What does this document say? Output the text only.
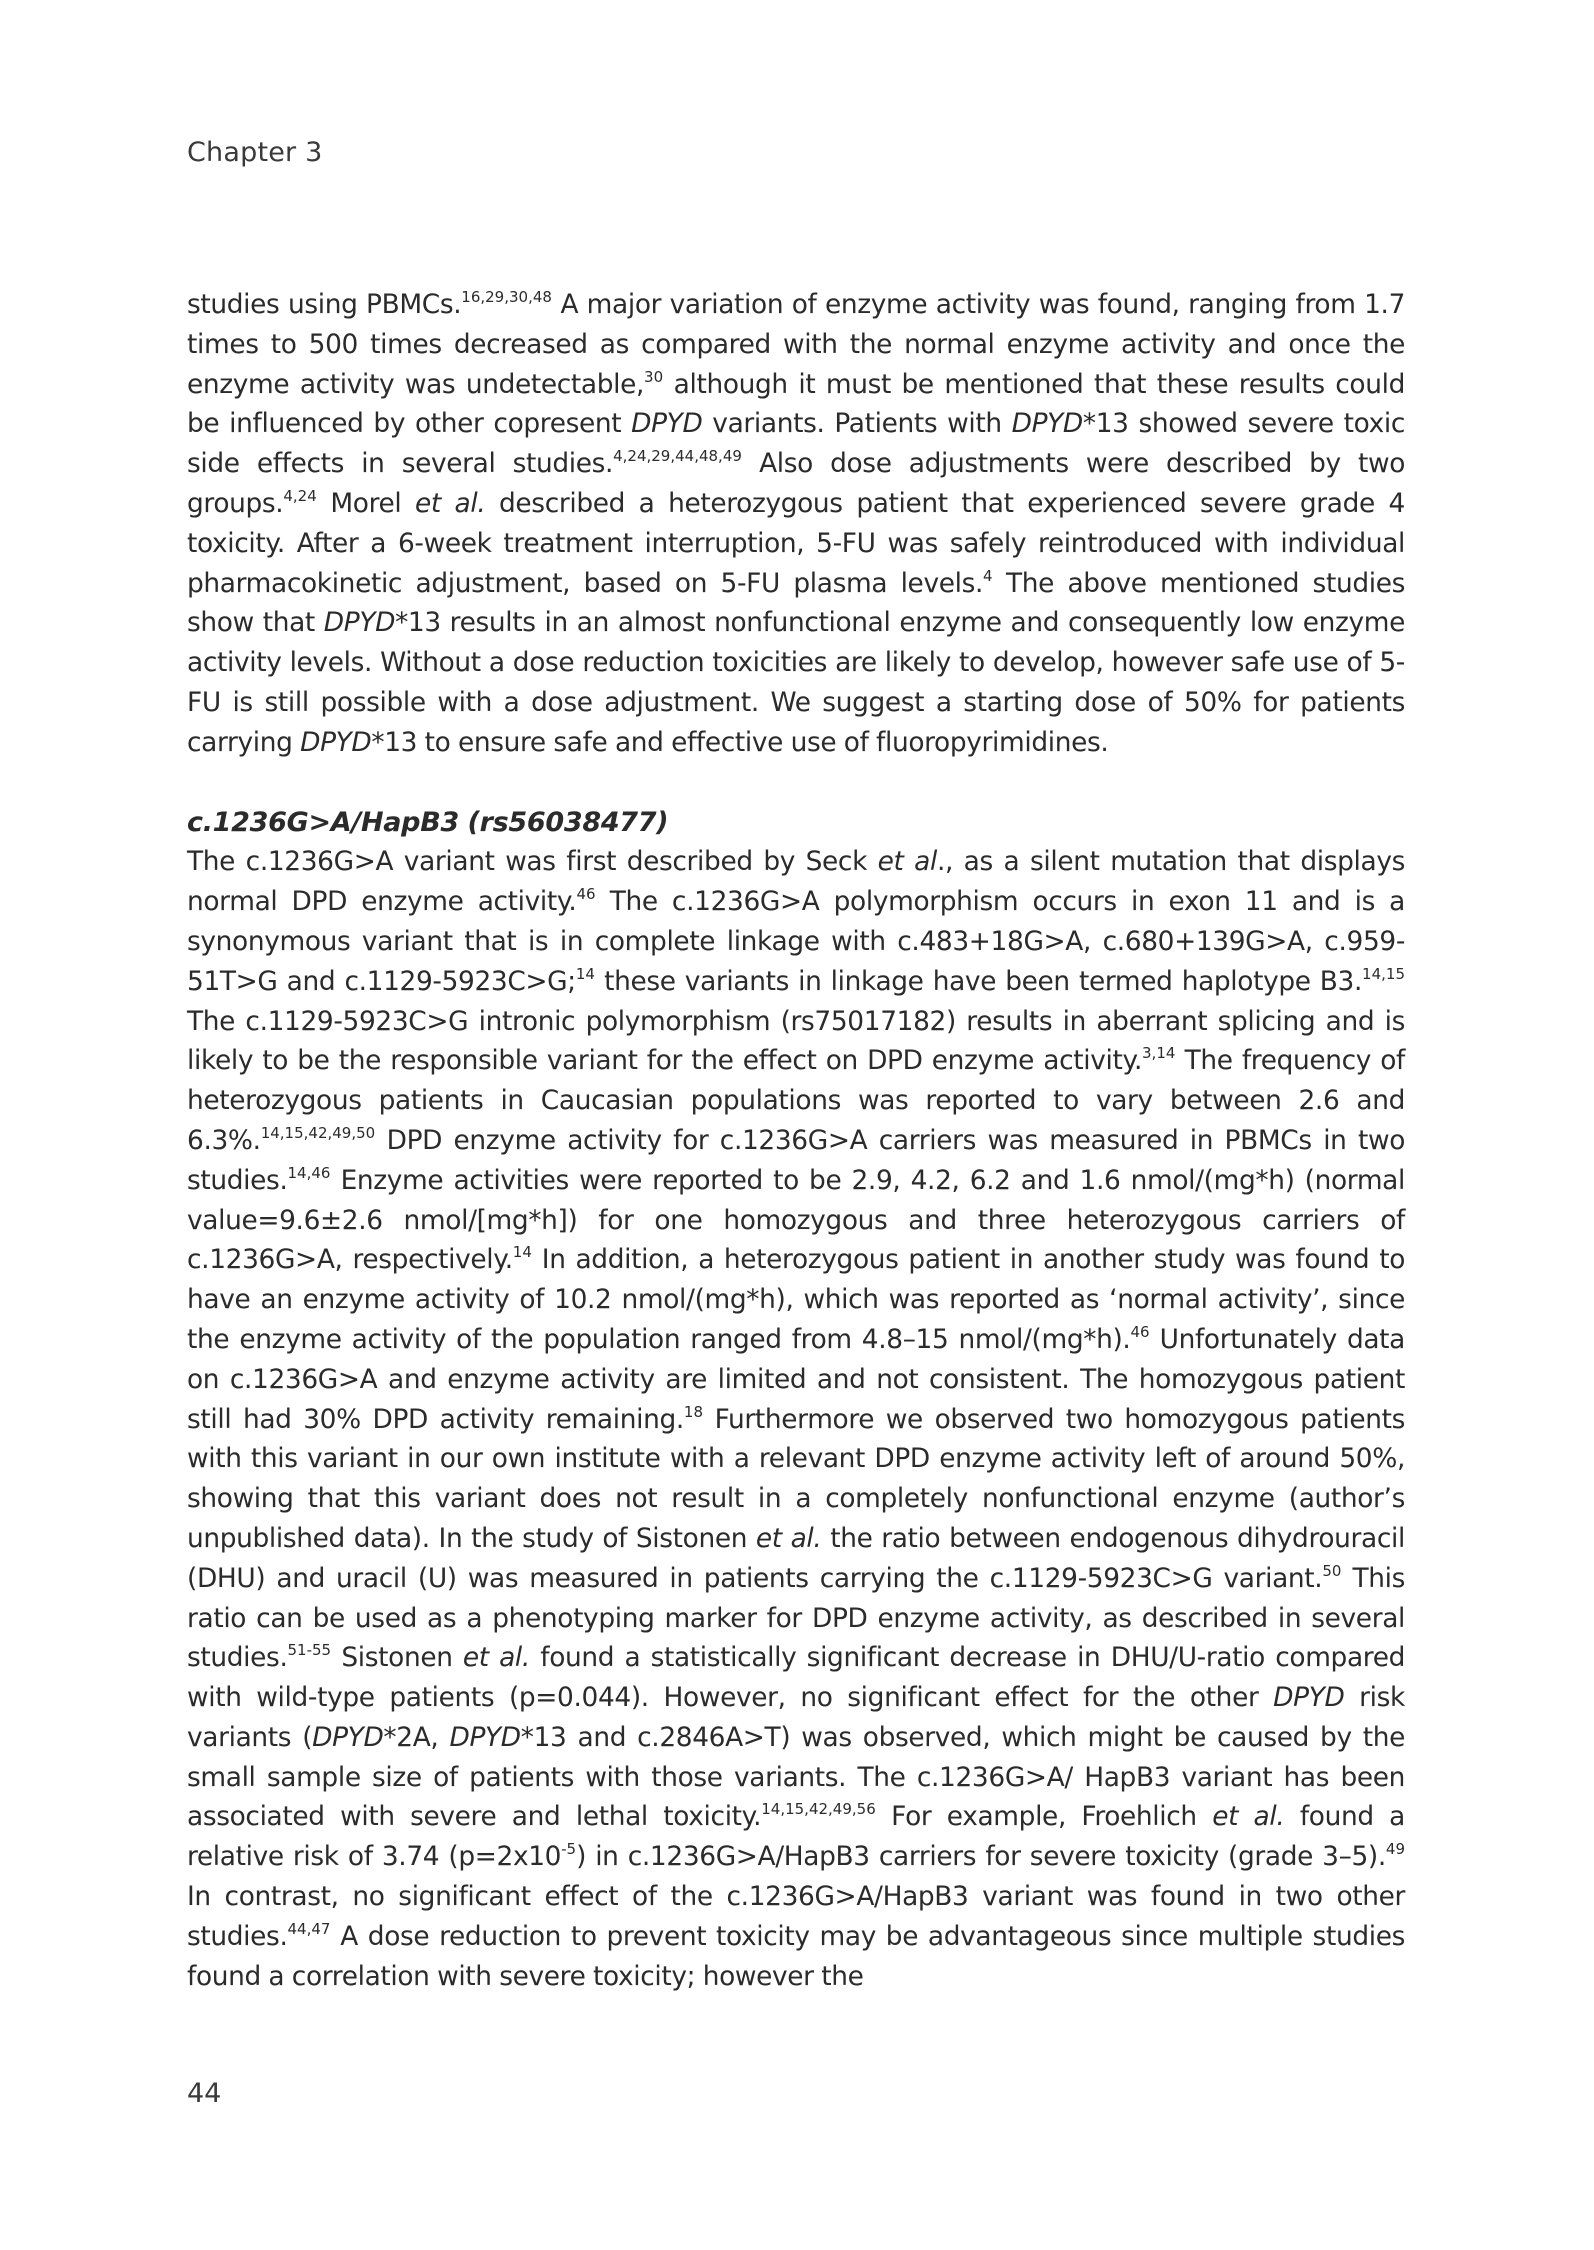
Chapter 3

studies using PBMCs.$^{16,29,30,48}$ A major variation of enzyme activity was found, ranging from 1.7 times to 500 times decreased as compared with the normal enzyme activity and once the enzyme activity was undetectable,$^{30}$ although it must be mentioned that these results could be influenced by other copresent DPYD variants. Patients with DPYD*13 showed severe toxic side effects in several studies.$^{4,24,29,44,48,49}$ Also dose adjustments were described by two groups.$^{4,24}$ Morel et al. described a heterozygous patient that experienced severe grade 4 toxicity. After a 6-week treatment interruption, 5-FU was safely reintroduced with individual pharmacokinetic adjustment, based on 5-FU plasma levels.$^4$ The above mentioned studies show that DPYD*13 results in an almost nonfunctional enzyme and consequently low enzyme activity levels. Without a dose reduction toxicities are likely to develop, however safe use of 5-FU is still possible with a dose adjustment. We suggest a starting dose of 50% for patients carrying DPYD*13 to ensure safe and effective use of fluoropyrimidines.

c.1236G>A/HapB3 (rs56038477)

The c.1236G>A variant was first described by Seck et al., as a silent mutation that displays normal DPD enzyme activity.$^{46}$ The c.1236G>A polymorphism occurs in exon 11 and is a synonymous variant that is in complete linkage with c.483+18G>A, c.680+139G>A, c.959-51T>G and c.1129-5923C>G;$^{14}$ these variants in linkage have been termed haplotype B3.$^{14,15}$ The c.1129-5923C>G intronic polymorphism (rs75017182) results in aberrant splicing and is likely to be the responsible variant for the effect on DPD enzyme activity.$^{3,14}$ The frequency of heterozygous patients in Caucasian populations was reported to vary between 2.6 and 6.3%.$^{14,15,42,49,50}$ DPD enzyme activity for c.1236G>A carriers was measured in PBMCs in two studies.$^{14,46}$ Enzyme activities were reported to be 2.9, 4.2, 6.2 and 1.6 nmol/(mg*h) (normal value=9.6±2.6 nmol/[mg*h]) for one homozygous and three heterozygous carriers of c.1236G>A, respectively.$^{14}$ In addition, a heterozygous patient in another study was found to have an enzyme activity of 10.2 nmol/(mg*h), which was reported as ‘normal activity’, since the enzyme activity of the population ranged from 4.8–15 nmol/(mg*h).$^{46}$ Unfortunately data on c.1236G>A and enzyme activity are limited and not consistent. The homozygous patient still had 30% DPD activity remaining.$^{18}$ Furthermore we observed two homozygous patients with this variant in our own institute with a relevant DPD enzyme activity left of around 50%, showing that this variant does not result in a completely nonfunctional enzyme (author’s unpublished data). In the study of Sistonen et al. the ratio between endogenous dihydrouracil (DHU) and uracil (U) was measured in patients carrying the c.1129-5923C>G variant.$^{50}$ This ratio can be used as a phenotyping marker for DPD enzyme activity, as described in several studies.$^{51-55}$ Sistonen et al. found a statistically significant decrease in DHU/U-ratio compared with wild-type patients (p=0.044). However, no significant effect for the other DPYD risk variants (DPYD*2A, DPYD*13 and c.2846A>T) was observed, which might be caused by the small sample size of patients with those variants. The c.1236G>A/ HapB3 variant has been associated with severe and lethal toxicity.$^{14,15,42,49,56}$ For example, Froehlich et al. found a relative risk of 3.74 $(p=2x10^{-5})$ in c.1236G>A/HapB3 carriers for severe toxicity (grade 3–5).$^{49}$ In contrast, no significant effect of the c.1236G>A/HapB3 variant was found in two other studies.$^{44,47}$ A dose reduction to prevent toxicity may be advantageous since multiple studies found a correlation with severe toxicity; however the

44
